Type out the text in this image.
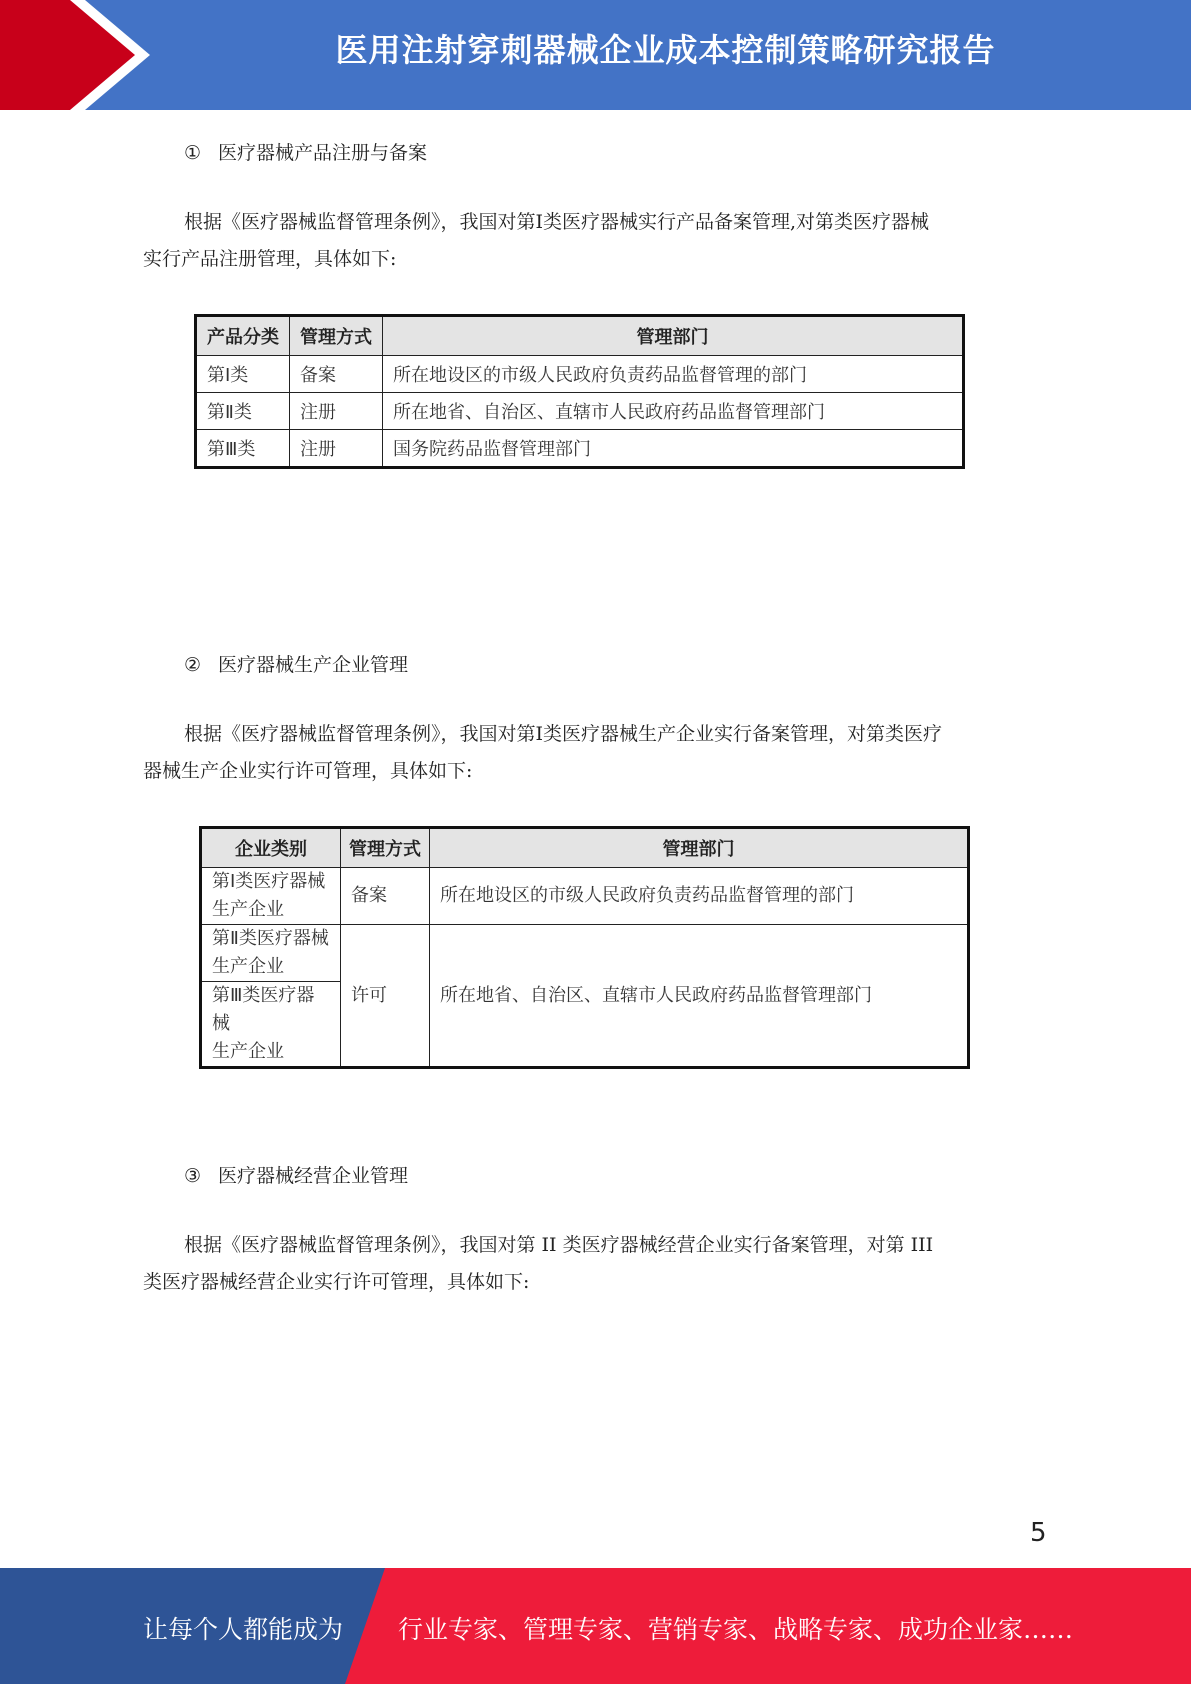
医用注射穿刺器械企业成本控制策略研究报告
① 医疗器械产品注册与备案
根据《医疗器械监督管理条例》，我国对第Ⅰ类医疗器械实行产品备案管理,对第类医疗器械
实行产品注册管理，具体如下:
产品分类	管理方式	管理部门
第Ⅰ类	备案	所在地设区的市级人民政府负责药品监督管理的部门
第Ⅱ类	注册	所在地省、自治区、直辖市人民政府药品监督管理部门
第Ⅲ类	注册	国务院药品监督管理部门
② 医疗器械生产企业管理
根据《医疗器械监督管理条例》，我国对第Ⅰ类医疗器械生产企业实行备案管理，对第类医疗
器械生产企业实行许可管理，具体如下:
企业类别	管理方式	管理部门

第Ⅰ类医疗器械
生产企业	备案	所在地设区的市级人民政府负责药品监督管理的部门

第Ⅱ类医疗器械
生产企业	许可	所在地省、自治区、直辖市人民政府药品监督管理部门

第Ⅲ类医疗器械
生产企业		
③ 医疗器械经营企业管理
根据《医疗器械监督管理条例》，我国对第 II 类医疗器械经营企业实行备案管理，对第 III
类医疗器械经营企业实行许可管理，具体如下:
5
让每个人都能成为 行业专家、管理专家、营销专家、战略专家、成功企业家……
